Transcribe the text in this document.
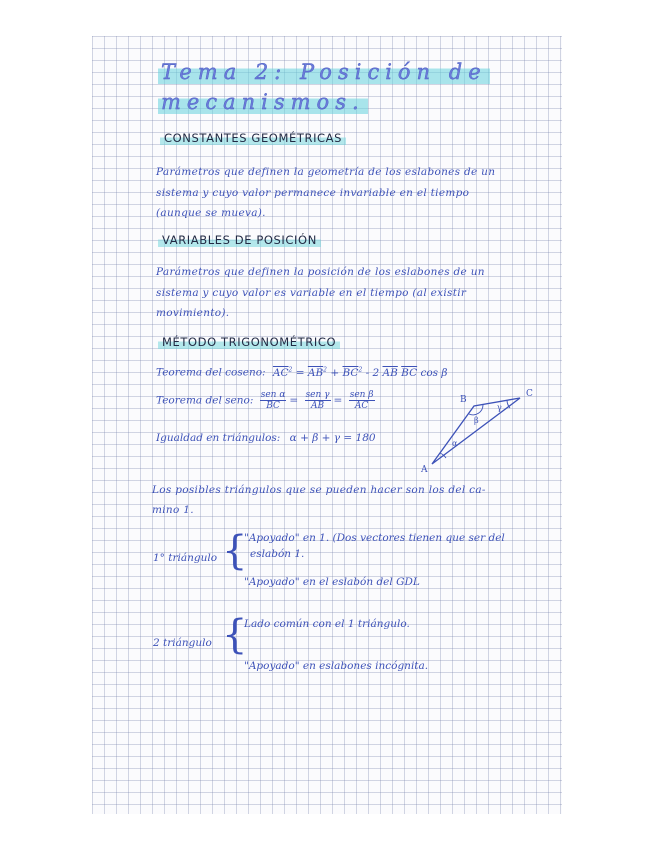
Tema 2: Posición de
mecanismos.
CONSTANTES GEOMÉTRICAS
Parámetros que definen la geometría de los eslabones de un
sistema y cuyo valor permanece invariable en el tiempo
(aunque se mueva).
VARIABLES DE POSICIÓN
Parámetros que definen la posición de los eslabones de un
sistema y cuyo valor es variable en el tiempo (al existir
movimiento).
MÉTODO TRIGONOMÉTRICO
Teorema del coseno: $\overline{AC}^2 = \overline{AB}^2 + \overline{BC}^2 - 2$ $\overline{AB}$ $\overline{BC}$ cos β
Teorema del seno: $\frac{\text{sen α}}{BC} = \frac{\text{sen γ}}{AB} = \frac{\text{sen β}}{AC}$
Igualdad en triángulos: α + β + γ = 180
A
B
C
α
β
γ
Los posibles triángulos que se pueden hacer son los del ca-
mino 1.
1° triángulo {
"Apoyado" en 1. (Dos vectores tienen que ser del
eslabón 1.
"Apoyado" en el eslabón del GDL
2 triángulo {
Lado común con el 1 triángulo.
"Apoyado" en eslabones incógnita.
